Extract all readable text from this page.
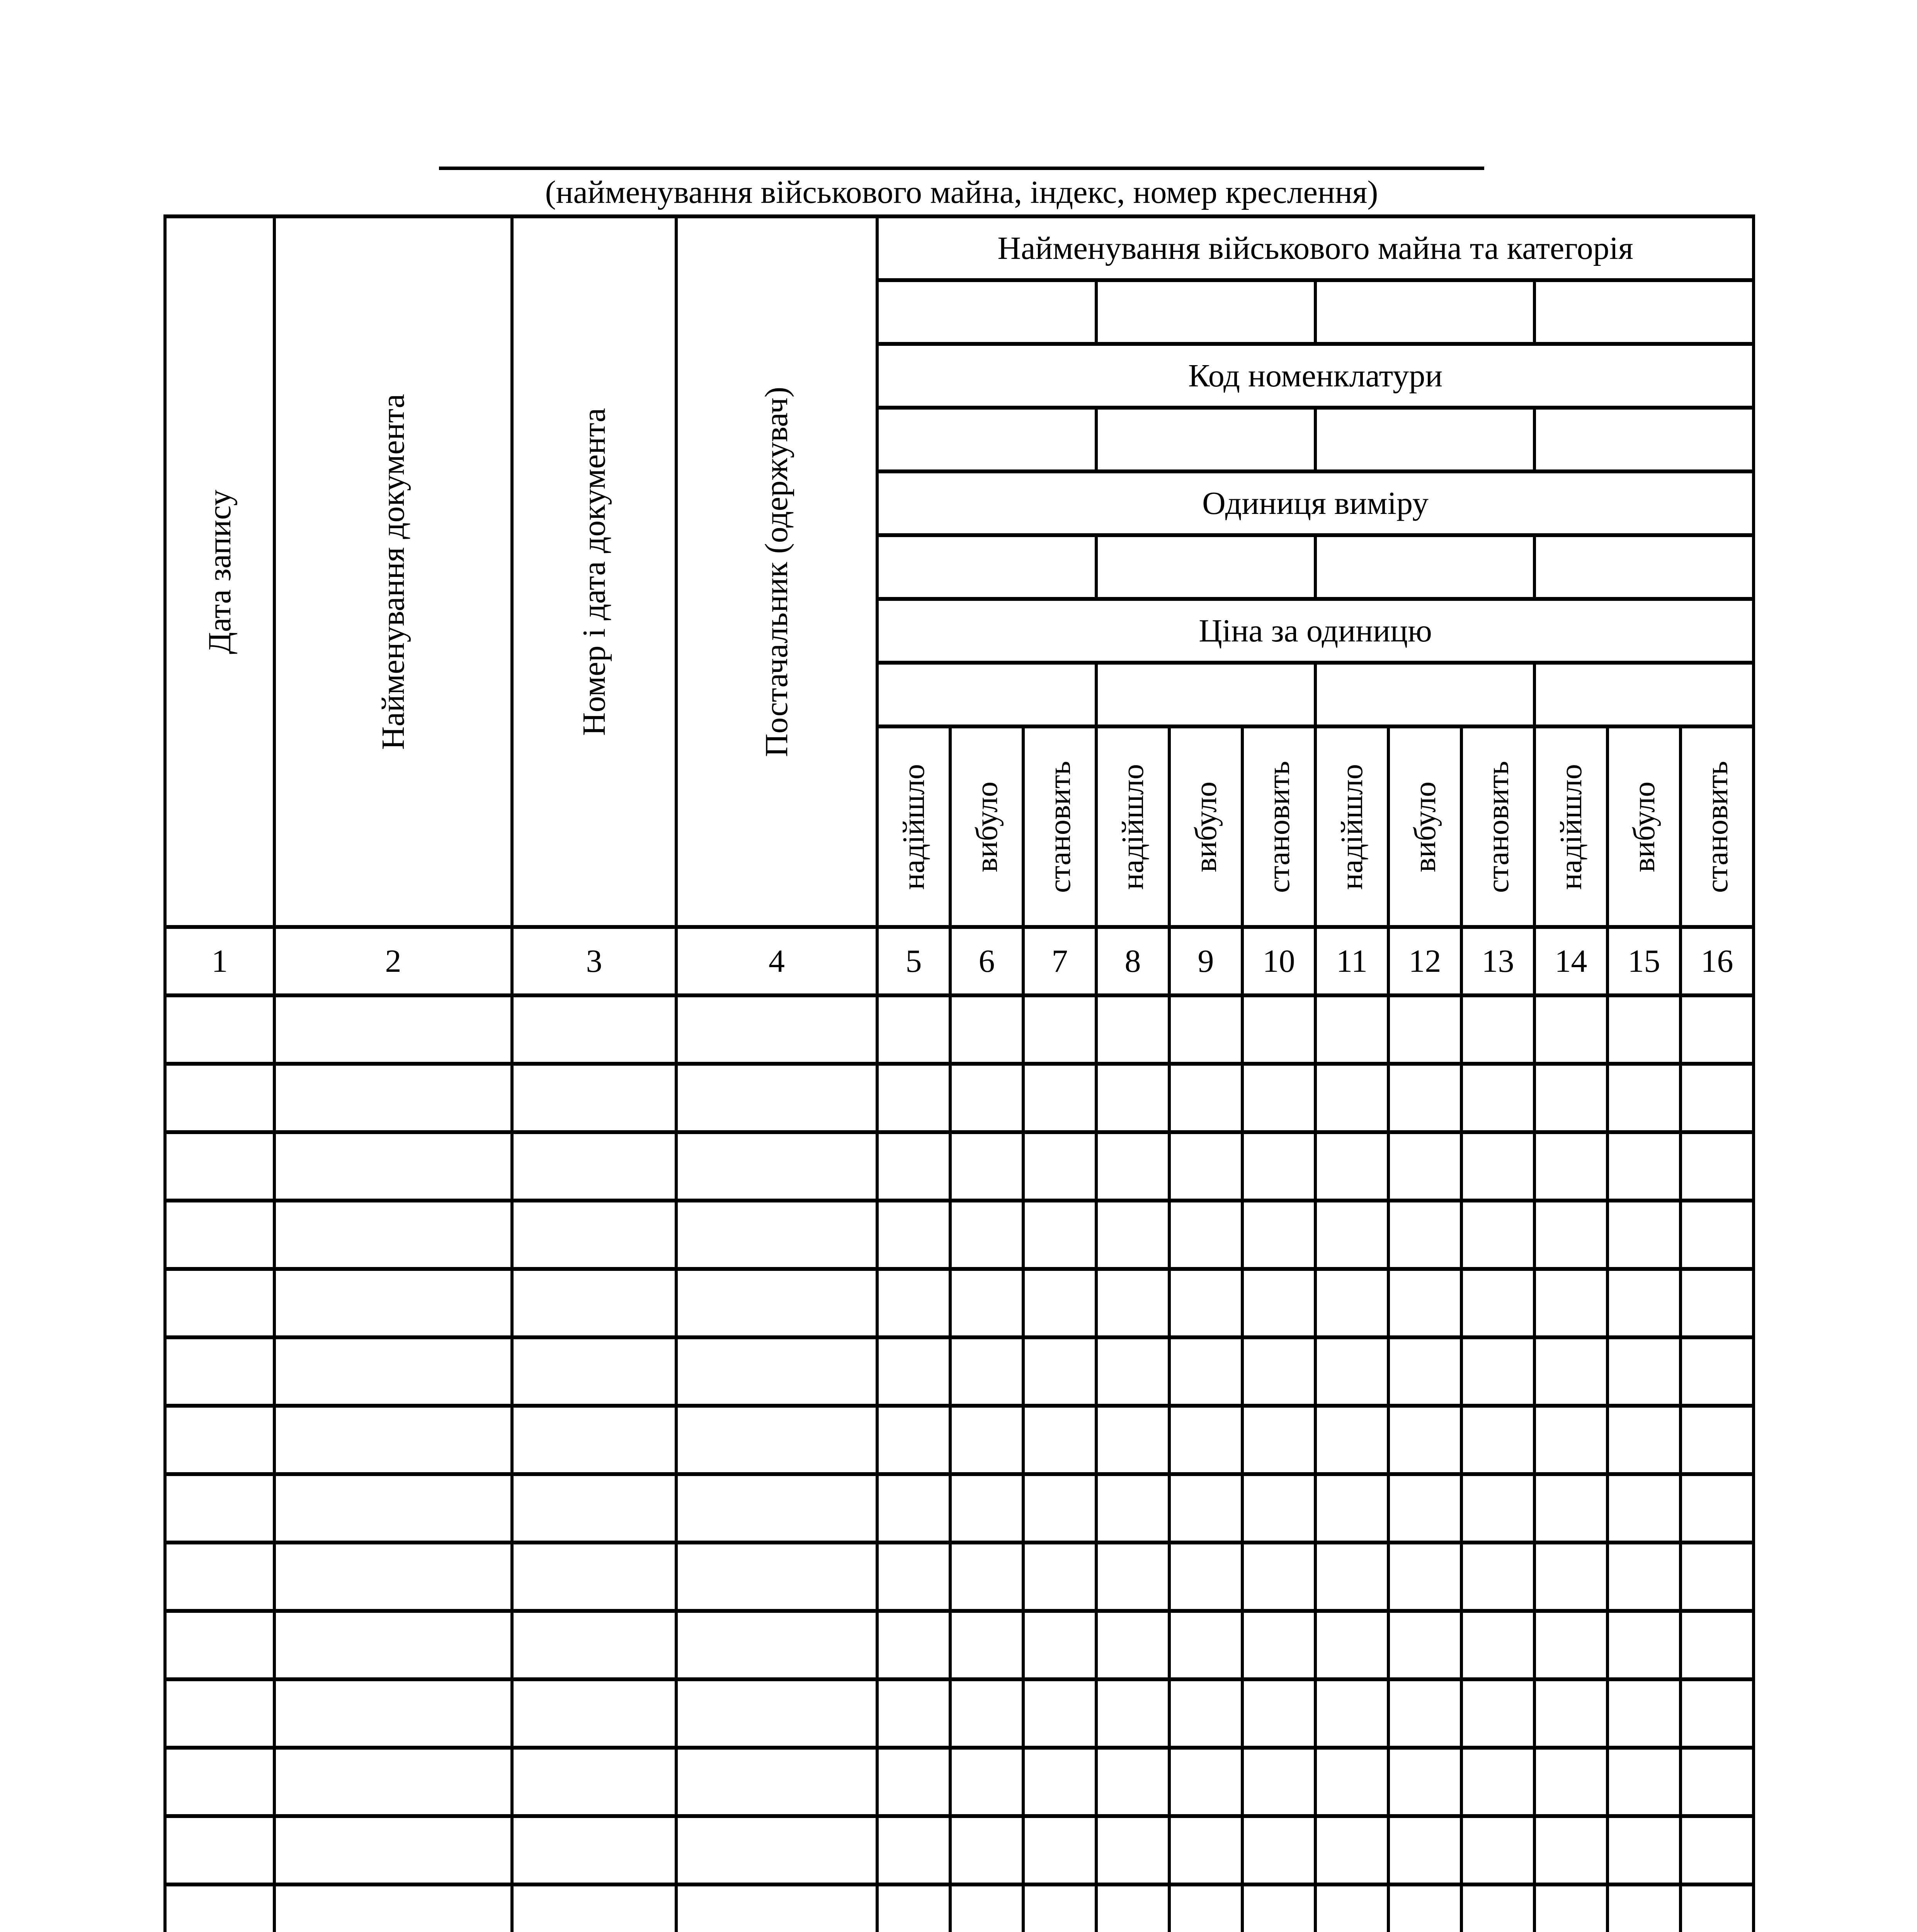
(найменування військового майна, індекс, номер креслення)
Дата запису	Найменування документа	Номер і дата документа	Постачальник (одержувач)	Найменування військового майна та категорія											

				Код номенклатури											

				Одиниця виміру											

				Ціна за одиницю											

				надійшло	вибуло	становить	надійшло	вибуло	становить	надійшло	вибуло	становить	надійшло	вибуло	становить

1	2	3	4	5	6	7	8	9	10	11	12	13	14	15	16
